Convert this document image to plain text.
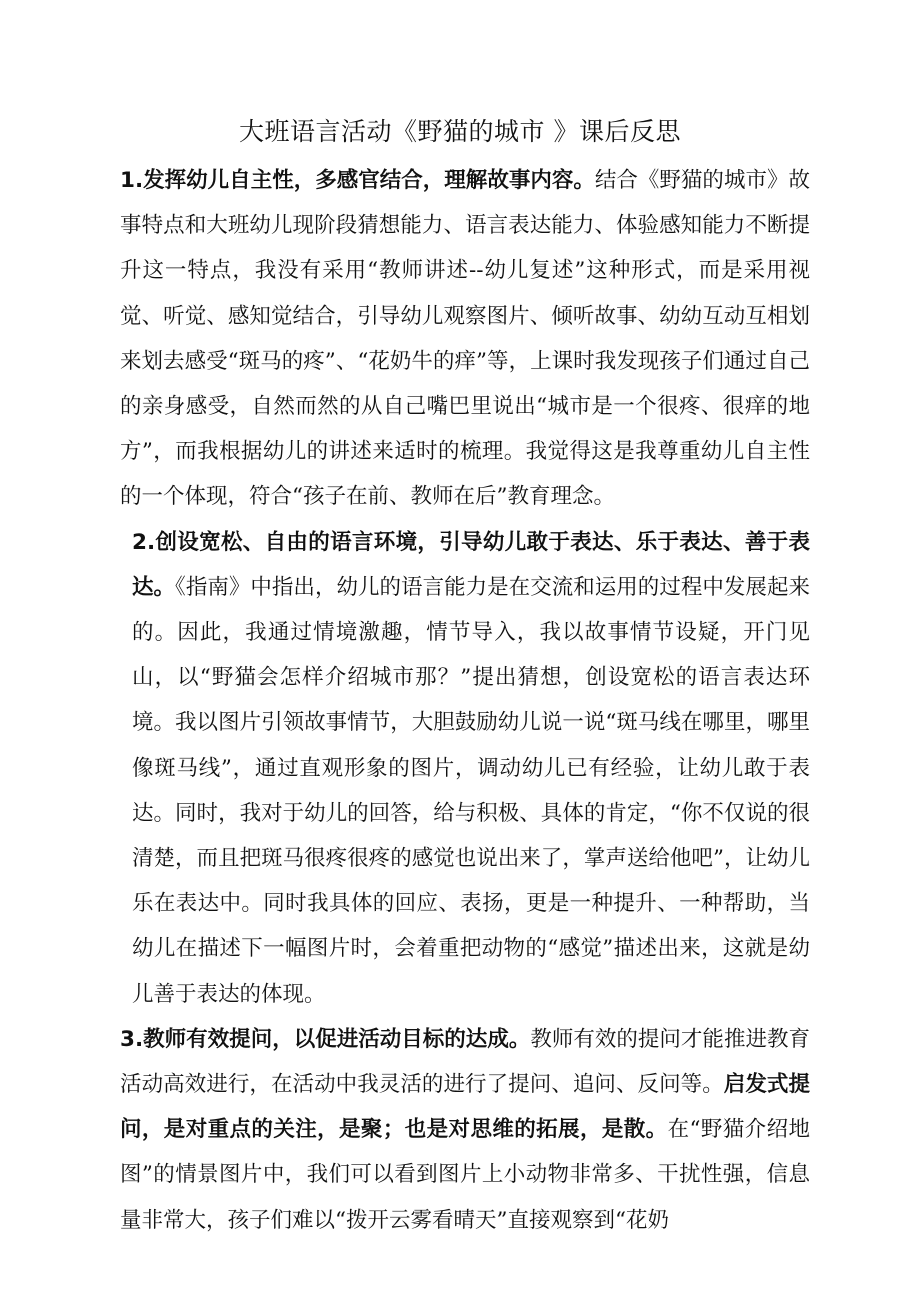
大班语言活动《野猫的城市 》课后反思

1.发挥幼儿自主性，多感官结合，理解故事内容。结合《野猫的城市》故事特点和大班幼儿现阶段猜想能力、语言表达能力、体验感知能力不断提升这一特点，我没有采用“教师讲述--幼儿复述”这种形式，而是采用视觉、听觉、感知觉结合，引导幼儿观察图片、倾听故事、幼幼互动互相划来划去感受“斑马的疼”、“花奶牛的痒”等，上课时我发现孩子们通过自己的亲身感受，自然而然的从自己嘴巴里说出“城市是一个很疼、很痒的地方”，而我根据幼儿的讲述来适时的梳理。我觉得这是我尊重幼儿自主性的一个体现，符合“孩子在前、教师在后”教育理念。

2.创设宽松、自由的语言环境，引导幼儿敢于表达、乐于表达、善于表达。《指南》中指出，幼儿的语言能力是在交流和运用的过程中发展起来的。因此，我通过情境激趣，情节导入，我以故事情节设疑，开门见山，以“野猫会怎样介绍城市那？”提出猜想，创设宽松的语言表达环境。我以图片引领故事情节，大胆鼓励幼儿说一说“斑马线在哪里，哪里像斑马线”，通过直观形象的图片，调动幼儿已有经验，让幼儿敢于表达。同时，我对于幼儿的回答，给与积极、具体的肯定，“你不仅说的很清楚，而且把斑马很疼很疼的感觉也说出来了，掌声送给他吧”，让幼儿乐在表达中。同时我具体的回应、表扬，更是一种提升、一种帮助，当幼儿在描述下一幅图片时，会着重把动物的“感觉”描述出来，这就是幼儿善于表达的体现。

3.教师有效提问，以促进活动目标的达成。教师有效的提问才能推进教育活动高效进行，在活动中我灵活的进行了提问、追问、反问等。启发式提问，是对重点的关注，是聚；也是对思维的拓展，是散。在“野猫介绍地图”的情景图片中，我们可以看到图片上小动物非常多、干扰性强，信息量非常大，孩子们难以“拨开云雾看晴天”直接观察到“花奶
